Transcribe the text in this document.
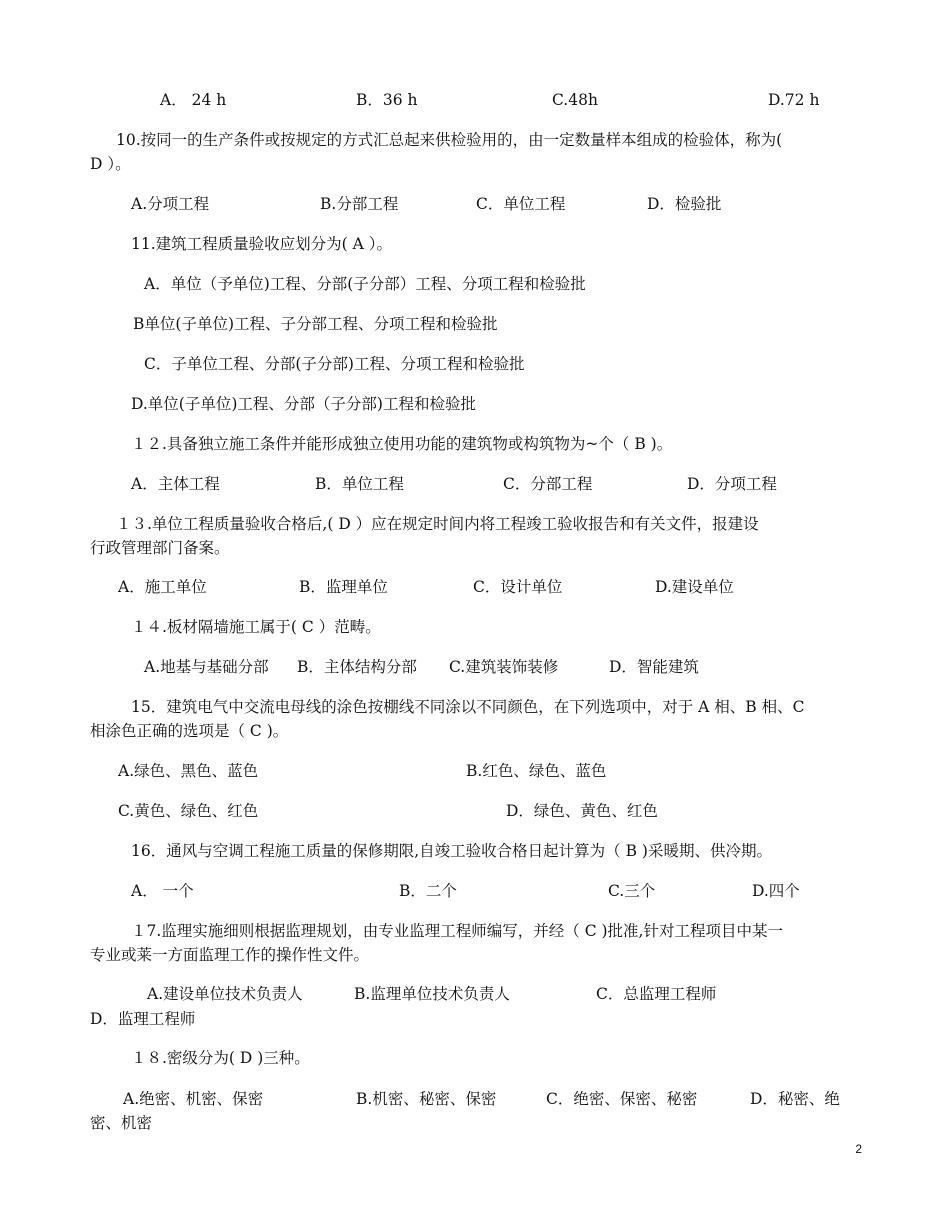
A． 24 h	B．36 h	C.48h	D.72 h
10.按同一的生产条件或按规定的方式汇总起来供检验用的，由一定数量样本组成的检验体，称为(
D ）。
A.分项工程	B.分部工程	C．单位工程	D．检验批
11.建筑工程质量验收应划分为( A ）。
A．单位（予单位)工程、分部(子分部）工程、分项工程和检验批
B单位(子单位)工程、子分部工程、分项工程和检验批
C．子单位工程、分部(子分部)工程、分项工程和检验批
D.单位(子单位)工程、分部（子分部)工程和检验批
１２.具备独立施工条件并能形成独立使用功能的建筑物或构筑物为~个（ B )。
A．主体工程	B．单位工程	C．分部工程	D．分项工程
１３.单位工程质量验收合格后,( D ）应在规定时间内将工程竣工验收报告和有关文件，报建设
行政管理部门备案。
A．施工单位	B．监理单位	C．设计单位	D.建设单位
１４.板材隔墙施工属于( C ）范畴。
A.地基与基础分部 B．主体结构分部 C.建筑装饰装修	D．智能建筑
15．建筑电气中交流电母线的涂色按棚线不同涂以不同颜色，在下列选项中，对于 A 相、B 相、C
相涂色正确的选项是（ C )。
A.绿色、黑色、蓝色	B.红色、绿色、蓝色
C.黄色、绿色、红色	D．绿色、黄色、红色
16．通风与空调工程施工质量的保修期限,自竣工验收合格日起计算为（ B )采暖期、供冷期。
A． 一个	B．二个	C.三个	D.四个
１7.监理实施细则根据监理规划，由专业监理工程师编写，并经（ C )批准,针对工程项目中某一
专业或莱一方面监理工作的操作性文件。
A.建设单位技术负责人	B.监理单位技术负责人	C．总监理工程师
D．监理工程师
１８.密级分为( D )三种。
A.绝密、机密、保密	B.机密、秘密、保密	C．绝密、保密、秘密	D．秘密、绝
密、机密
2
